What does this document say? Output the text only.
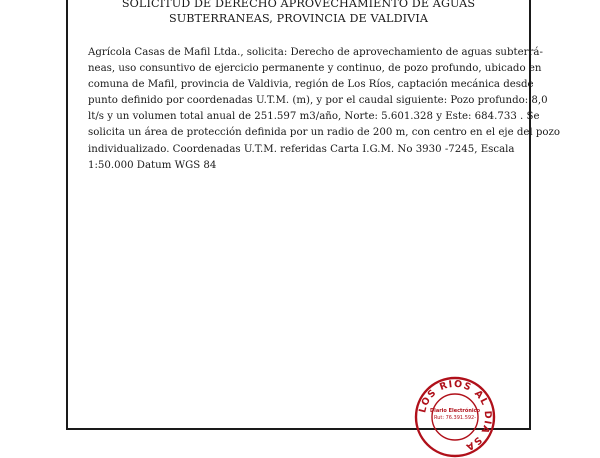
SOLICITUD DE DERECHO APROVECHAMIENTO DE AGUAS
SUBTERRANEAS, PROVINCIA DE VALDIVIA
Agrícola Casas de Mafil Ltda., solicita: Derecho de aprovechamiento de aguas subterrá-
neas, uso consuntivo de ejercicio permanente y continuo, de pozo profundo, ubicado en
comuna de Mafil, provincia de Valdivia, región de Los Ríos, captación mecánica desde
punto definido por coordenadas U.T.M. (m), y por el caudal siguiente: Pozo profundo: 8,0
lt/s y un volumen total anual de 251.597 m3/año, Norte: 5.601.328 y Este: 684.733 . Se
solicita un área de protección definida por un radio de 200 m, con centro en el eje del pozo
individualizado. Coordenadas U.T.M. referidas Carta I.G.M. No 3930 -7245, Escala
1:50.000 Datum WGS 84
LOS RIOS AL DIA SA
Diario Electrónico
Rut: 76.391.592-
